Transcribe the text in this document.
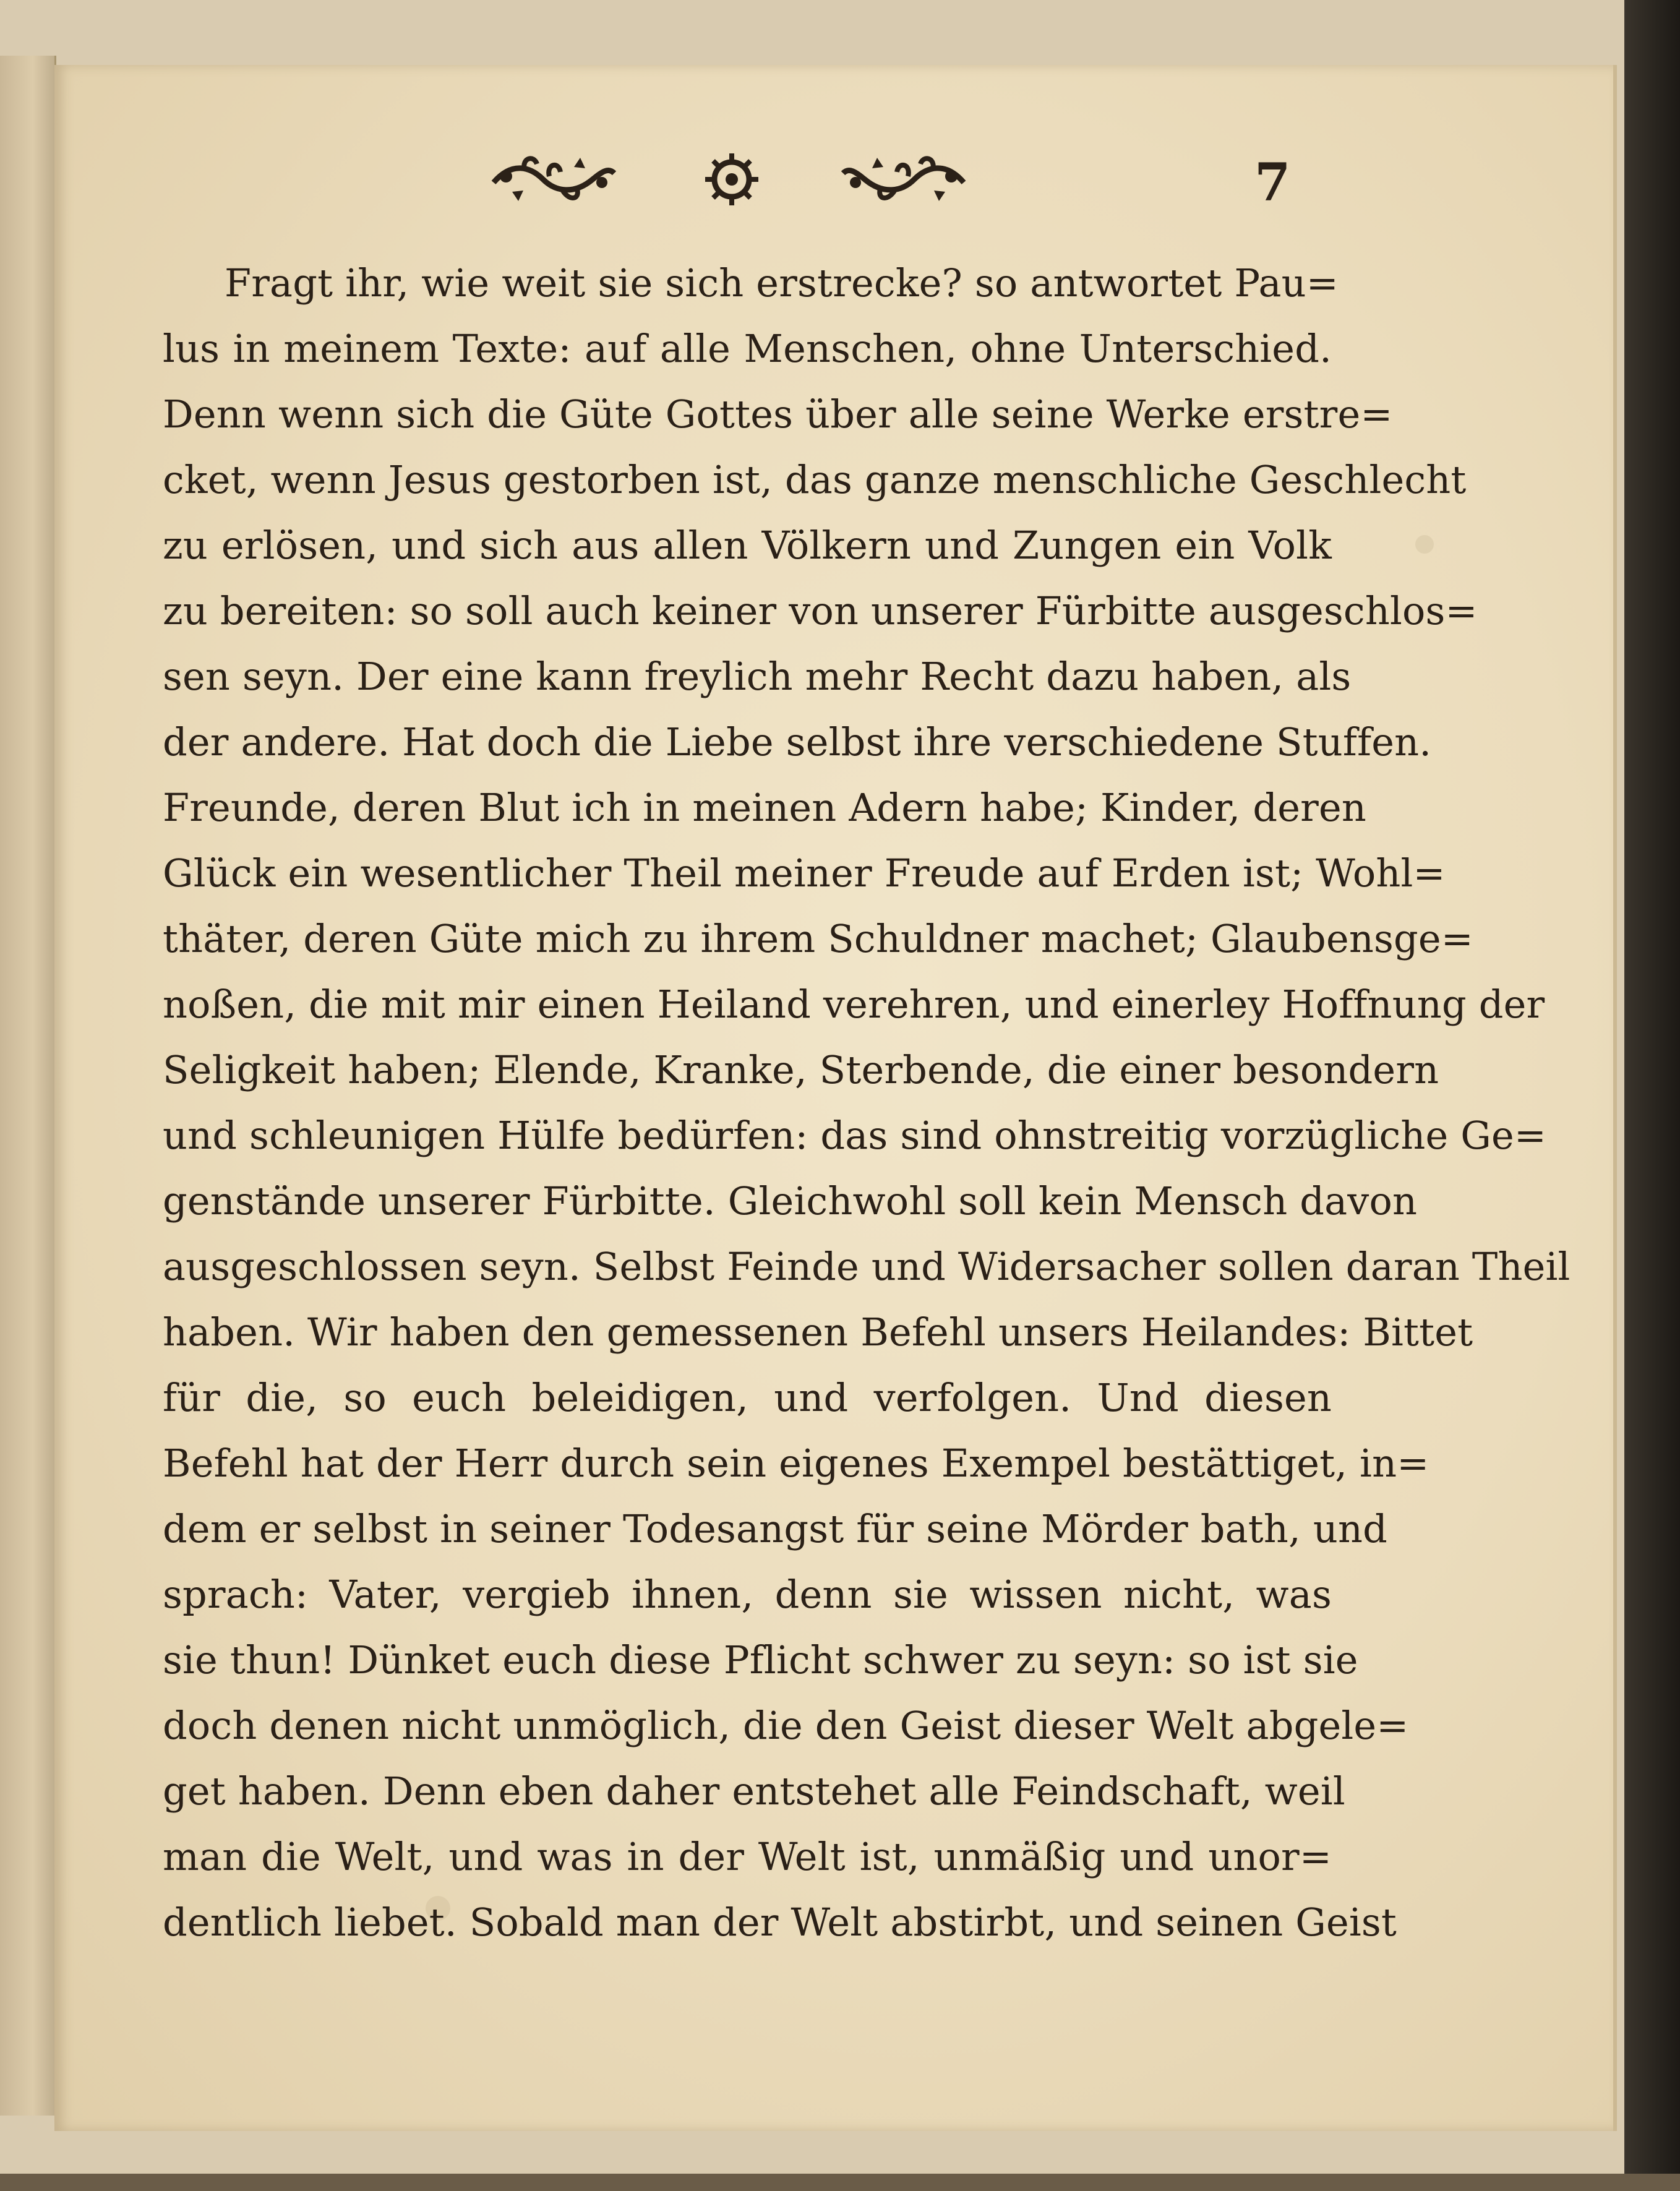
7
Fragt ihr, wie weit sie sich erstrecke? so antwortet Pau=
lus in meinem Texte: auf alle Menschen, ohne Unterschied.
Denn wenn sich die Güte Gottes über alle seine Werke erstre=
cket, wenn Jesus gestorben ist, das ganze menschliche Geschlecht
zu erlösen, und sich aus allen Völkern und Zungen ein Volk
zu bereiten: so soll auch keiner von unserer Fürbitte ausgeschlos=
sen seyn. Der eine kann freylich mehr Recht dazu haben, als
der andere. Hat doch die Liebe selbst ihre verschiedene Stuffen.
Freunde, deren Blut ich in meinen Adern habe; Kinder, deren
Glück ein wesentlicher Theil meiner Freude auf Erden ist; Wohl=
thäter, deren Güte mich zu ihrem Schuldner machet; Glaubensge=
noßen, die mit mir einen Heiland verehren, und einerley Hoffnung der
Seligkeit haben; Elende, Kranke, Sterbende, die einer besondern
und schleunigen Hülfe bedürfen: das sind ohnstreitig vorzügliche Ge=
genstände unserer Fürbitte. Gleichwohl soll kein Mensch davon
ausgeschlossen seyn. Selbst Feinde und Widersacher sollen daran Theil
haben. Wir haben den gemessenen Befehl unsers Heilandes: Bittet
für die, so euch beleidigen, und verfolgen. Und diesen
Befehl hat der Herr durch sein eigenes Exempel bestättiget, in=
dem er selbst in seiner Todesangst für seine Mörder bath, und
sprach: Vater, vergieb ihnen, denn sie wissen nicht, was
sie thun! Dünket euch diese Pflicht schwer zu seyn: so ist sie
doch denen nicht unmöglich, die den Geist dieser Welt abgele=
get haben. Denn eben daher entstehet alle Feindschaft, weil
man die Welt, und was in der Welt ist, unmäßig und unor=
dentlich liebet. Sobald man der Welt abstirbt, und seinen Geist
